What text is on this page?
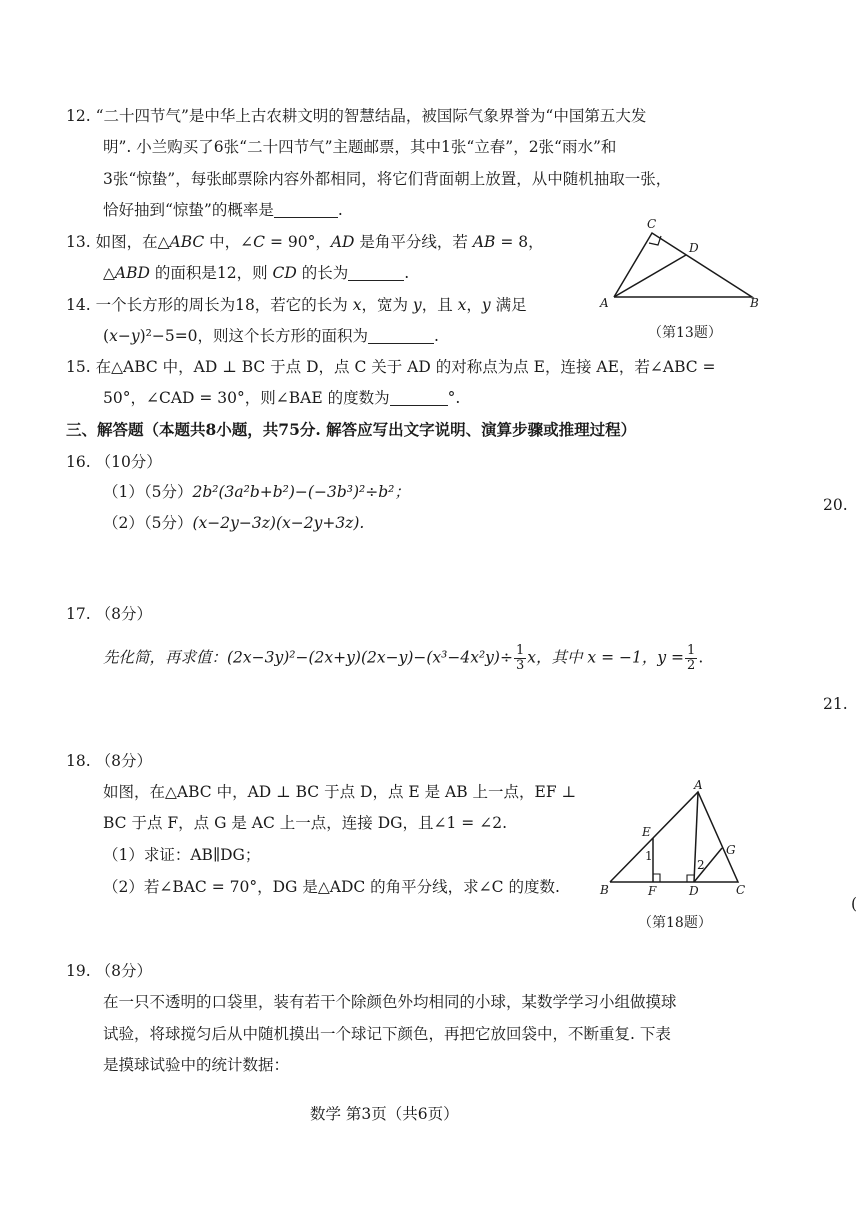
12. “二十四节气”是中华上古农耕文明的智慧结晶，被国际气象界誉为“中国第五大发
明”. 小兰购买了6张“二十四节气”主题邮票，其中1张“立春”，2张“雨水”和
3张“惊蛰”，每张邮票除内容外都相同，将它们背面朝上放置，从中随机抽取一张，
恰好抽到“惊蛰”的概率是	.
13. 如图，在△ABC 中，∠C = 90°，AD 是角平分线，若 AB = 8，
△ABD 的面积是12，则 CD 的长为	.
C
D
A	B
14. 一个长方形的周长为18，若它的长为 x，宽为 y，且 x，y 满足
(x−y)²−5=0，则这个长方形的面积为	.	（第13题）
15. 在△ABC 中，AD ⊥ BC 于点 D，点 C 关于 AD 的对称点为点 E，连接 AE，若∠ABC =
50°，∠CAD = 30°，则∠BAE 的度数为	°.
三、解答题（本题共8小题，共75分. 解答应写出文字说明、演算步骤或推理过程）
16. （10分）
（1）（5分）2b²(3a²b+b²)−(−3b³)²÷b²；
（2）（5分）(x−2y−3z)(x−2y+3z).
20.
21.
(
17. （8分）
先化简，再求值：$(2x-3y)^2-(2x+y)(2x-y)-(x^3-4x^2y)\div \frac{1}{3}$ x，其中 x = −1，$y = \frac{1}{2}$ .
18. （8分）
如图，在△ABC 中，AD ⊥ BC 于点 D，点 E 是 AB 上一点，EF ⊥
BC 于点 F，点 G 是 AC 上一点，连接 DG，且∠1 = ∠2.
（1）求证：AB∥DG；
（2）若∠BAC = 70°，DG 是△ADC 的角平分线，求∠C 的度数.
A
E
G
B	F	D	C
1
2
（第18题）
19. （8分）
在一只不透明的口袋里，装有若干个除颜色外均相同的小球，某数学学习小组做摸球
试验，将球搅匀后从中随机摸出一个球记下颜色，再把它放回袋中，不断重复. 下表
是摸球试验中的统计数据：
数学 第3页（共6页）
